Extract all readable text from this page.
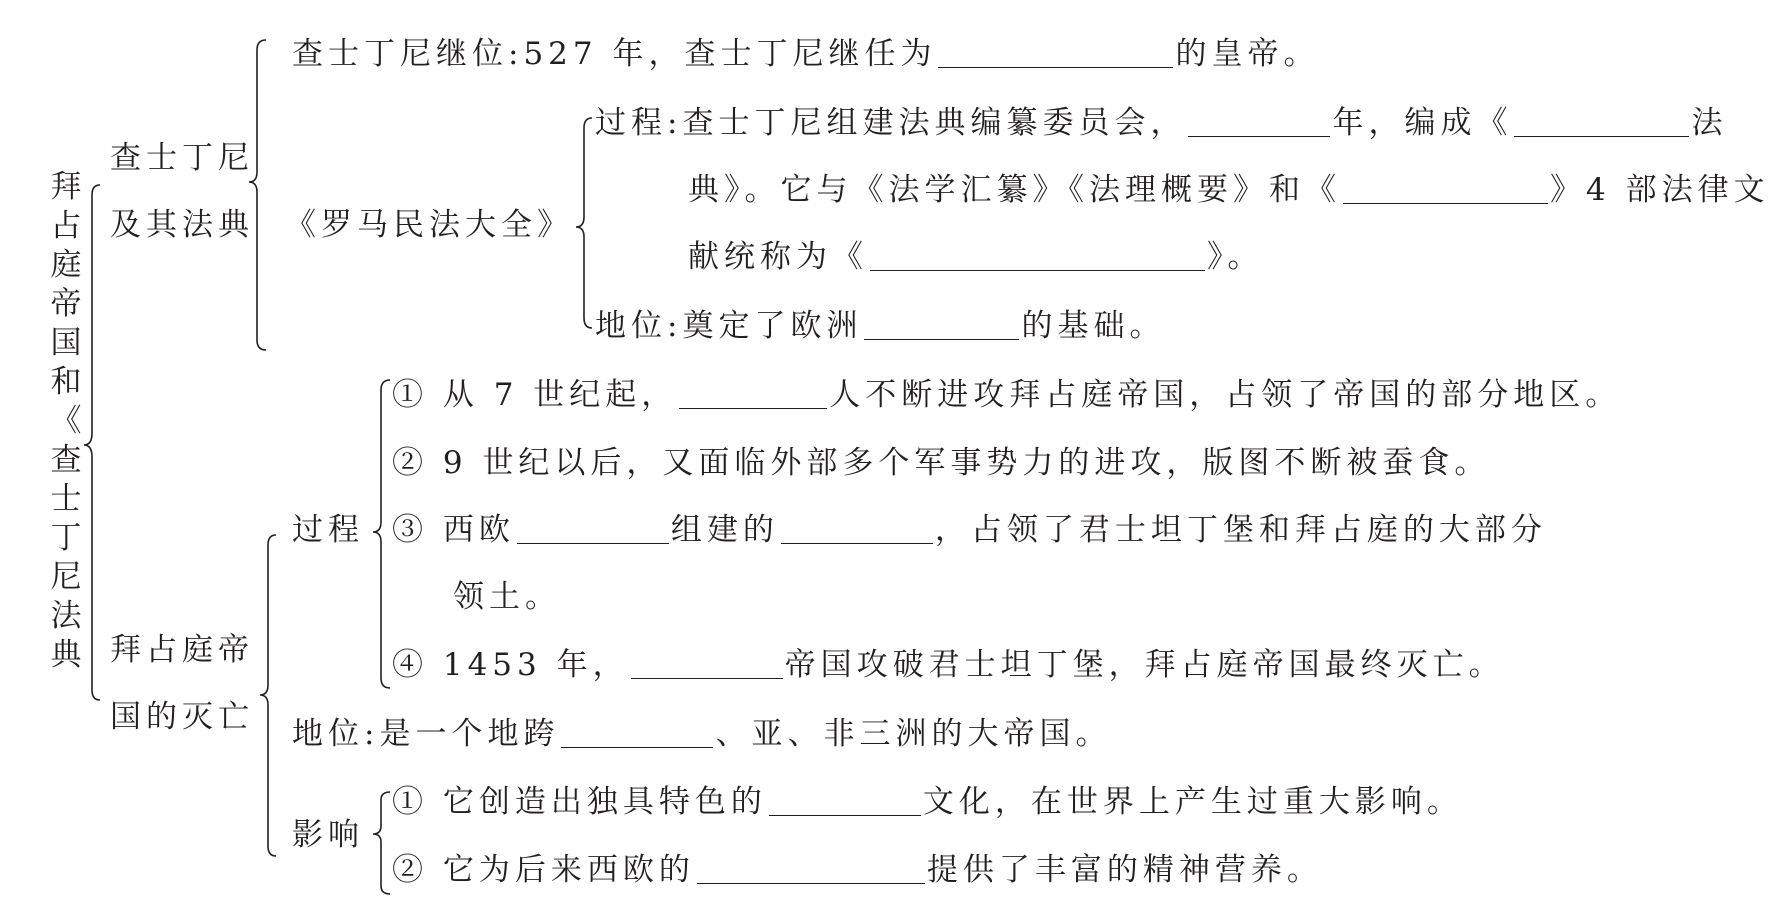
拜
占
庭
帝
国
和
《
查
士
丁
尼
法
典
查士丁尼
及其法典
查士丁尼继位:527 年，查士丁尼继任为	的皇帝。
《罗马民法大全》
过程:查士丁尼组建法典编纂委员会，	年，编成《	法
典》。它与《法学汇纂》《法理概要》和《	》4 部法律文
献统称为《	》。
地位:奠定了欧洲	的基础。
拜占庭帝
国的灭亡
过程
① 从 7 世纪起，	人不断进攻拜占庭帝国，占领了帝国的部分地区。
② 9 世纪以后，又面临外部多个军事势力的进攻，版图不断被蚕食。
③ 西欧	组建的	，占领了君士坦丁堡和拜占庭的大部分
领土。
④ 1453 年，	帝国攻破君士坦丁堡，拜占庭帝国最终灭亡。
地位:是一个地跨	、亚、非三洲的大帝国。
影响
① 它创造出独具特色的	文化，在世界上产生过重大影响。
② 它为后来西欧的	提供了丰富的精神营养。
